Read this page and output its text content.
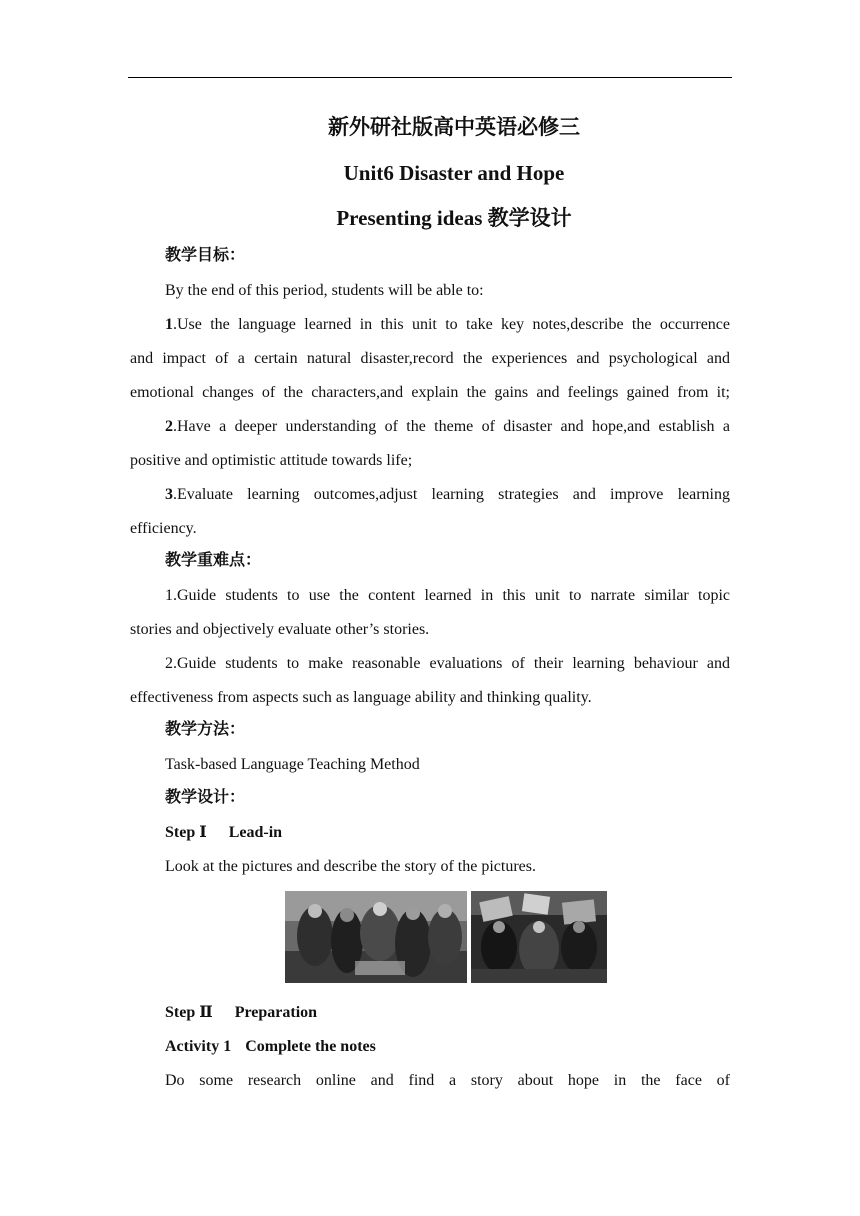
新外研社版高中英语必修三
Unit6 Disaster and Hope
Presenting ideas 教学设计
教学目标：
By the end of this period, students will be able to:
1.Use the language learned in this unit to take key notes,describe the occurrence
and impact of a certain natural disaster,record the experiences and psychological and
emotional changes of the characters,and explain the gains and feelings gained from it;
2.Have a deeper understanding of the theme of disaster and hope,and establish a
positive and optimistic attitude towards life;
3.Evaluate learning outcomes,adjust learning strategies and improve learning
efficiency.
教学重难点：
1.Guide students to use the content learned in this unit to narrate similar topic
stories and objectively evaluate other’s stories.
2.Guide students to make reasonable evaluations of their learning behaviour and
effectiveness from aspects such as language ability and thinking quality.
教学方法：
Task-based Language Teaching Method
教学设计：
Step Ⅰ Lead-in
Look at the pictures and describe the story of the pictures.
Step Ⅱ Preparation
Activity 1 Complete the notes
Do some research online and find a story about hope in the face of
